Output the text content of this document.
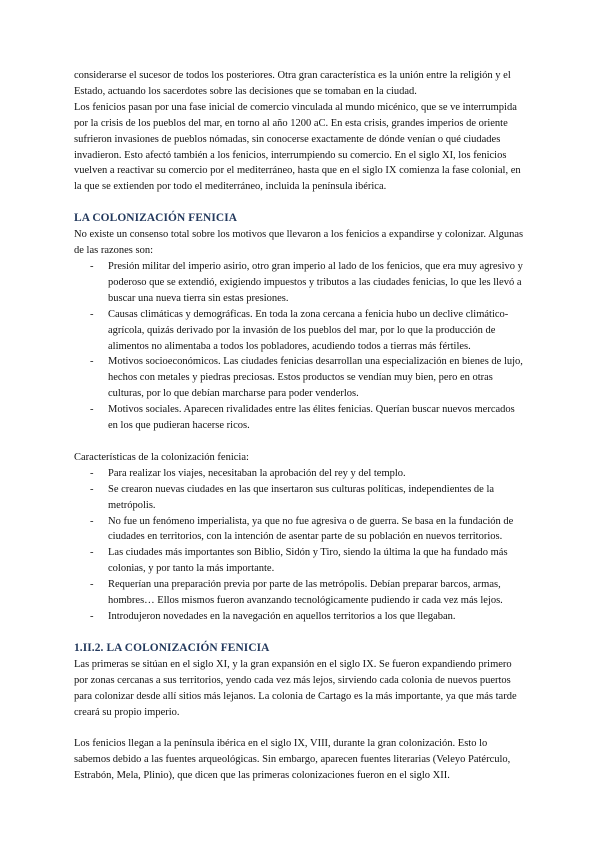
considerarse el sucesor de todos los posteriores. Otra gran característica es la unión entre la religión y el Estado, actuando los sacerdotes sobre las decisiones que se tomaban en la ciudad.

Los fenicios pasan por una fase inicial de comercio vinculada al mundo micénico, que se ve interrumpida por la crisis de los pueblos del mar, en torno al año 1200 aC. En esta crisis, grandes imperios de oriente sufrieron invasiones de pueblos nómadas, sin conocerse exactamente de dónde venían o qué ciudades invadieron. Esto afectó también a los fenicios, interrumpiendo su comercio. En el siglo XI, los fenicios vuelven a reactivar su comercio por el mediterráneo, hasta que en el siglo IX comienza la fase colonial, en la que se extienden por todo el mediterráneo, incluida la península ibérica.

LA COLONIZACIÓN FENICIA

No existe un consenso total sobre los motivos que llevaron a los fenicios a expandirse y colonizar. Algunas de las razones son:

- Presión militar del imperio asirio, otro gran imperio al lado de los fenicios, que era muy agresivo y poderoso que se extendió, exigiendo impuestos y tributos a las ciudades fenicias, lo que les llevó a buscar una nueva tierra sin estas presiones.
- Causas climáticas y demográficas. En toda la zona cercana a fenicia hubo un declive climático-agrícola, quizás derivado por la invasión de los pueblos del mar, por lo que la producción de alimentos no alimentaba a todos los pobladores, acudiendo todos a tierras más fértiles.
- Motivos socioeconómicos. Las ciudades fenicias desarrollan una especialización en bienes de lujo, hechos con metales y piedras preciosas. Estos productos se vendían muy bien, pero en otras culturas, por lo que debían marcharse para poder venderlos.
- Motivos sociales. Aparecen rivalidades entre las élites fenicias. Querían buscar nuevos mercados en los que pudieran hacerse ricos.

Características de la colonización fenicia:

- Para realizar los viajes, necesitaban la aprobación del rey y del templo.
- Se crearon nuevas ciudades en las que insertaron sus culturas políticas, independientes de la metrópolis.
- No fue un fenómeno imperialista, ya que no fue agresiva o de guerra. Se basa en la fundación de ciudades en territorios, con la intención de asentar parte de su población en nuevos territorios.
- Las ciudades más importantes son Biblio, Sidón y Tiro, siendo la última la que ha fundado más colonias, y por tanto la más importante.
- Requerían una preparación previa por parte de las metrópolis. Debían preparar barcos, armas, hombres… Ellos mismos fueron avanzando tecnológicamente pudiendo ir cada vez más lejos.
- Introdujeron novedades en la navegación en aquellos territorios a los que llegaban.
1.II.2. LA COLONIZACIÓN FENICIA

Las primeras se sitúan en el siglo XI, y la gran expansión en el siglo IX. Se fueron expandiendo primero por zonas cercanas a sus territorios, yendo cada vez más lejos, sirviendo cada colonia de nuevos puertos para colonizar desde allí sitios más lejanos. La colonia de Cartago es la más importante, ya que más tarde creará su propio imperio.

Los fenicios llegan a la península ibérica en el siglo IX, VIII, durante la gran colonización. Esto lo sabemos debido a las fuentes arqueológicas. Sin embargo, aparecen fuentes literarias (Veleyo Patérculo, Estrabón, Mela, Plinio), que dicen que las primeras colonizaciones fueron en el siglo XII.
